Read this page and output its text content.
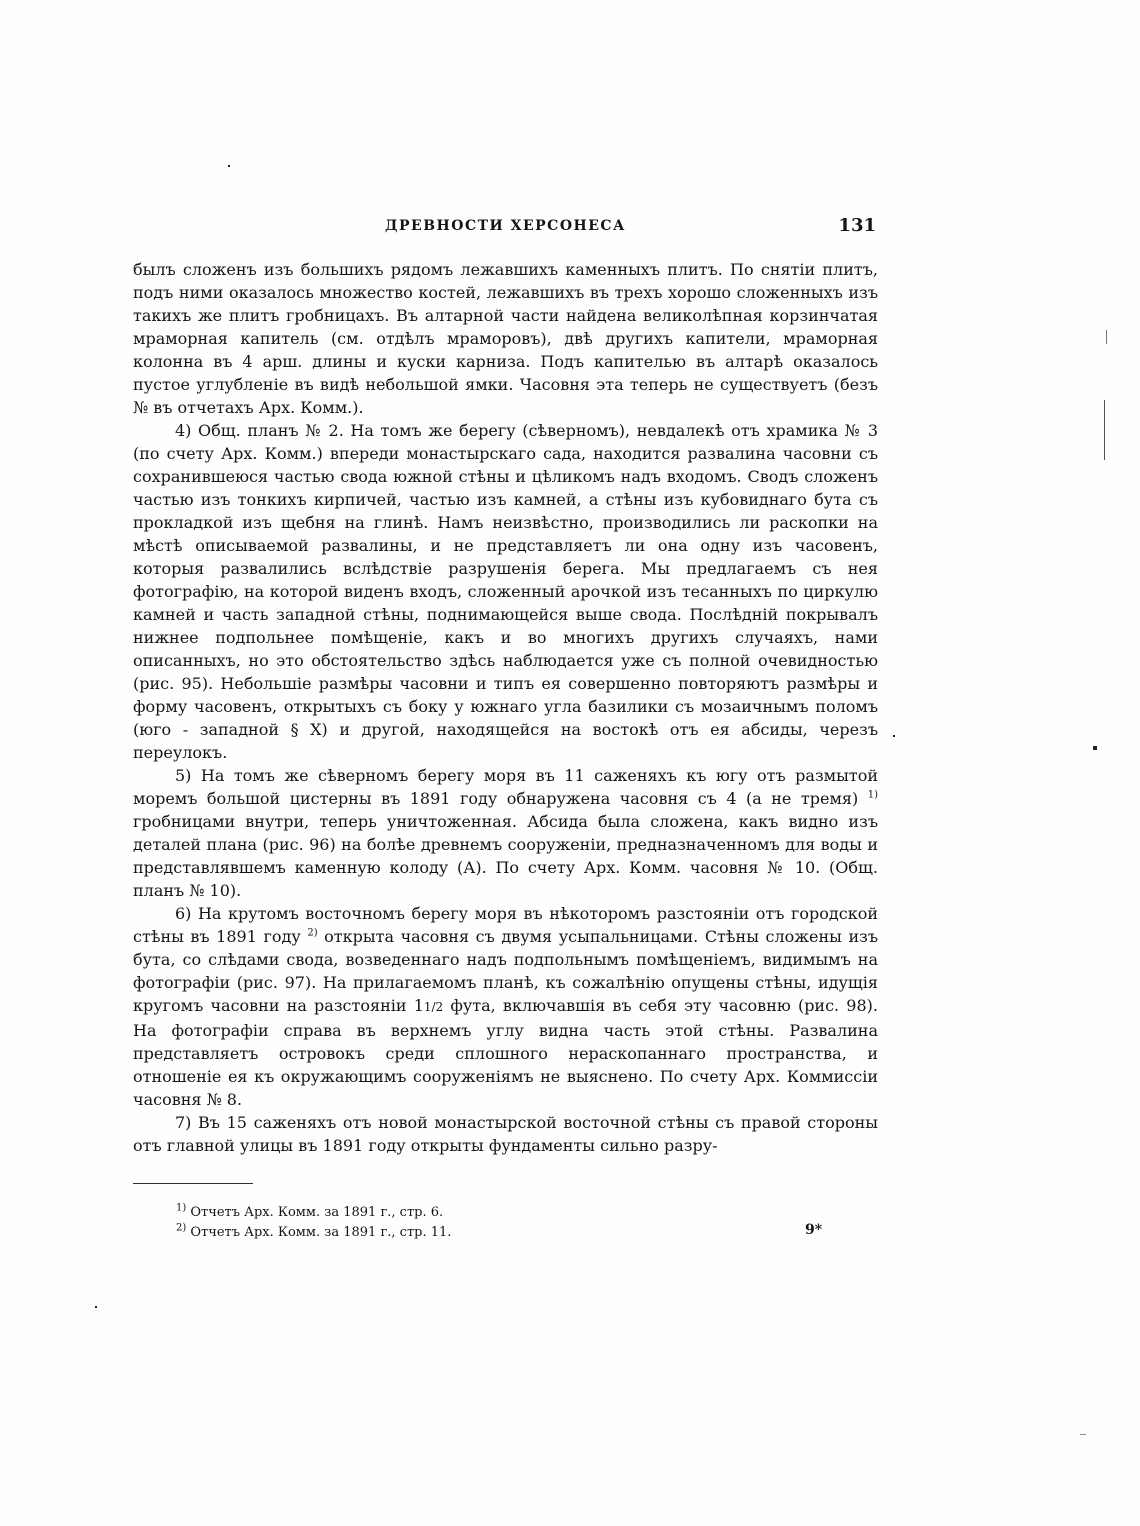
ДРЕВНОСТИ ХЕРСОНЕСА	131

былъ сложенъ изъ большихъ рядомъ лежавшихъ каменныхъ плитъ. По снятіи плитъ, подъ ними оказалось множество костей, лежавшихъ въ трехъ хорошо сложенныхъ изъ такихъ же плитъ гробницахъ. Въ алтарной части найдена великолѣпная корзинчатая мраморная капитель (см. отдѣлъ мраморовъ), двѣ другихъ капители, мраморная колонна въ 4 арш. длины и куски карниза. Подъ капителью въ алтарѣ оказалось пустое углубленіе въ видѣ небольшой ямки. Часовня эта теперь не существуетъ (безъ № въ отчетахъ Арх. Комм.).

4) Общ. планъ № 2. На томъ же берегу (сѣверномъ), невдалекѣ отъ храмика № 3 (по счету Арх. Комм.) впереди монастырскаго сада, находится развалина часовни съ сохранившеюся частью свода южной стѣны и цѣликомъ надъ входомъ. Сводъ сложенъ частью изъ тонкихъ кирпичей, частью изъ камней, а стѣны изъ кубовиднаго бута съ прокладкой изъ щебня на глинѣ. Намъ неизвѣстно, производились ли раскопки на мѣстѣ описываемой развалины, и не представляетъ ли она одну изъ часовенъ, которыя развалились вслѣдствіе разрушенія берега. Мы предлагаемъ съ нея фотографію, на которой виденъ входъ, сложенный арочкой изъ тесанныхъ по циркулю камней и часть западной стѣны, поднимающейся выше свода. Послѣдній покрывалъ нижнее подпольнее помѣщеніе, какъ и во многихъ другихъ случаяхъ, нами описанныхъ, но это обстоятельство здѣсь наблюдается уже съ полной очевидностью (рис. 95). Небольшіе размѣры часовни и типъ ея совершенно повторяютъ размѣры и форму часовенъ, открытыхъ съ боку у южнаго угла базилики съ мозаичнымъ поломъ (юго - западной § X) и другой, находящейся на востокѣ отъ ея абсиды, черезъ переулокъ.

5) На томъ же сѣверномъ берегу моря въ 11 саженяхъ къ югу отъ размытой моремъ большой цистерны въ 1891 году обнаружена часовня съ 4 (а не тремя) $^{1)}$ гробницами внутри, теперь уничтоженная. Абсида была сложена, какъ видно изъ деталей плана (рис. 96) на болѣе древнемъ сооруженіи, предназначенномъ для воды и представлявшемъ каменную колоду (А). По счету Арх. Комм. часовня № 10. (Общ. планъ № 10).

6) На крутомъ восточномъ берегу моря въ нѣкоторомъ разстояніи отъ городской стѣны въ 1891 году $^{2)}$ открыта часовня съ двумя усыпальницами. Стѣны сложены изъ бута, со слѣдами свода, возведеннаго надъ подпольнымъ помѣщеніемъ, видимымъ на фотографіи (рис. 97). На прилагаемомъ планѣ, къ сожалѣнію опущены стѣны, идущія кругомъ часовни на разстояніи 11/2 фута, включавшія въ себя эту часовню (рис. 98). На фотографіи справа въ верхнемъ углу видна часть этой стѣны. Развалина представляетъ островокъ среди сплошного нераскопаннаго пространства, и отношеніе ея къ окружающимъ сооруженіямъ не выяснено. По счету Арх. Коммиссіи часовня № 8.

7) Въ 15 саженяхъ отъ новой монастырской восточной стѣны съ правой стороны отъ главной улицы въ 1891 году открыты фундаменты сильно разру-

$^{1)}$ Отчетъ Арх. Комм. за 1891 г., стр. 6.

$^{2)}$ Отчетъ Арх. Комм. за 1891 г., стр. 11.	9*
